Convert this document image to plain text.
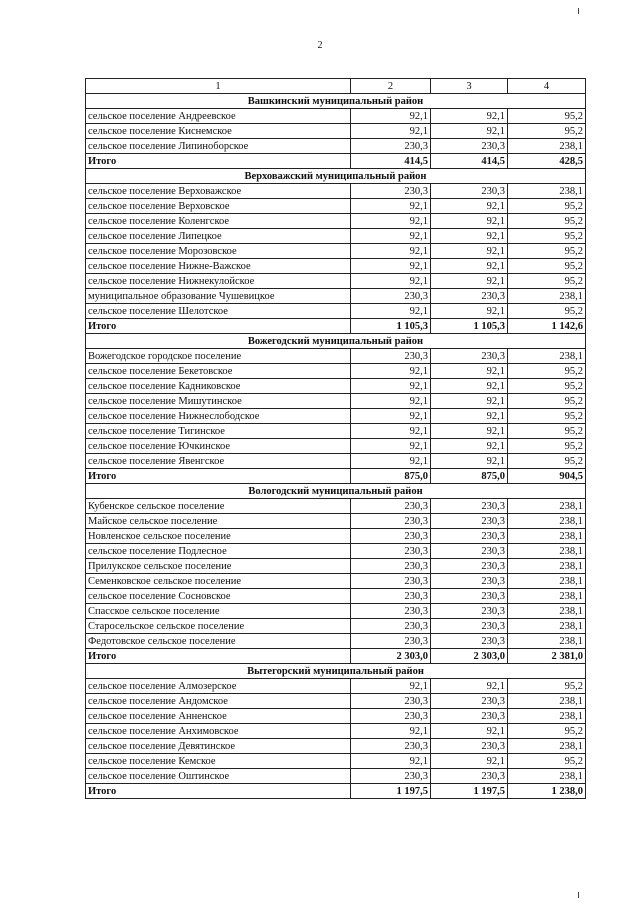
2
1	2	3	4
Вашкинский муниципальный район			
сельское поселение Андреевское	92,1	92,1	95,2
сельское поселение Киснемское	92,1	92,1	95,2
сельское поселение Липиноборское	230,3	230,3	238,1
Итого	414,5	414,5	428,5
Верховажский муниципальный район			
сельское поселение Верховажское	230,3	230,3	238,1
сельское поселение Верховское	92,1	92,1	95,2
сельское поселение Коленгское	92,1	92,1	95,2
сельское поселение Липецкое	92,1	92,1	95,2
сельское поселение Морозовское	92,1	92,1	95,2
сельское поселение Нижне-Важское	92,1	92,1	95,2
сельское поселение Нижнекулойское	92,1	92,1	95,2
муниципальное образование Чушевицкое	230,3	230,3	238,1
сельское поселение Шелотское	92,1	92,1	95,2
Итого	1 105,3	1 105,3	1 142,6
Вожегодский муниципальный район			
Вожегодское городское поселение	230,3	230,3	238,1
сельское поселение Бекетовское	92,1	92,1	95,2
сельское поселение Кадниковское	92,1	92,1	95,2
сельское поселение Мишутинское	92,1	92,1	95,2
сельское поселение Нижнеслободское	92,1	92,1	95,2
сельское поселение Тигинское	92,1	92,1	95,2
сельское поселение Ючкинское	92,1	92,1	95,2
сельское поселение Явенгское	92,1	92,1	95,2
Итого	875,0	875,0	904,5
Вологодский муниципальный район			
Кубенское сельское поселение	230,3	230,3	238,1
Майское сельское поселение	230,3	230,3	238,1
Новленское сельское поселение	230,3	230,3	238,1
сельское поселение Подлесное	230,3	230,3	238,1
Прилукское сельское поселение	230,3	230,3	238,1
Семенковское сельское поселение	230,3	230,3	238,1
сельское поселение Сосновское	230,3	230,3	238,1
Спасское сельское поселение	230,3	230,3	238,1
Старосельское сельское поселение	230,3	230,3	238,1
Федотовское сельское поселение	230,3	230,3	238,1
Итого	2 303,0	2 303,0	2 381,0
Вытегорский муниципальный район			
сельское поселение Алмозерское	92,1	92,1	95,2
сельское поселение Андомское	230,3	230,3	238,1
сельское поселение Анненское	230,3	230,3	238,1
сельское поселение Анхимовское	92,1	92,1	95,2
сельское поселение Девятинское	230,3	230,3	238,1
сельское поселение Кемское	92,1	92,1	95,2
сельское поселение Оштинское	230,3	230,3	238,1
Итого	1 197,5	1 197,5	1 238,0
